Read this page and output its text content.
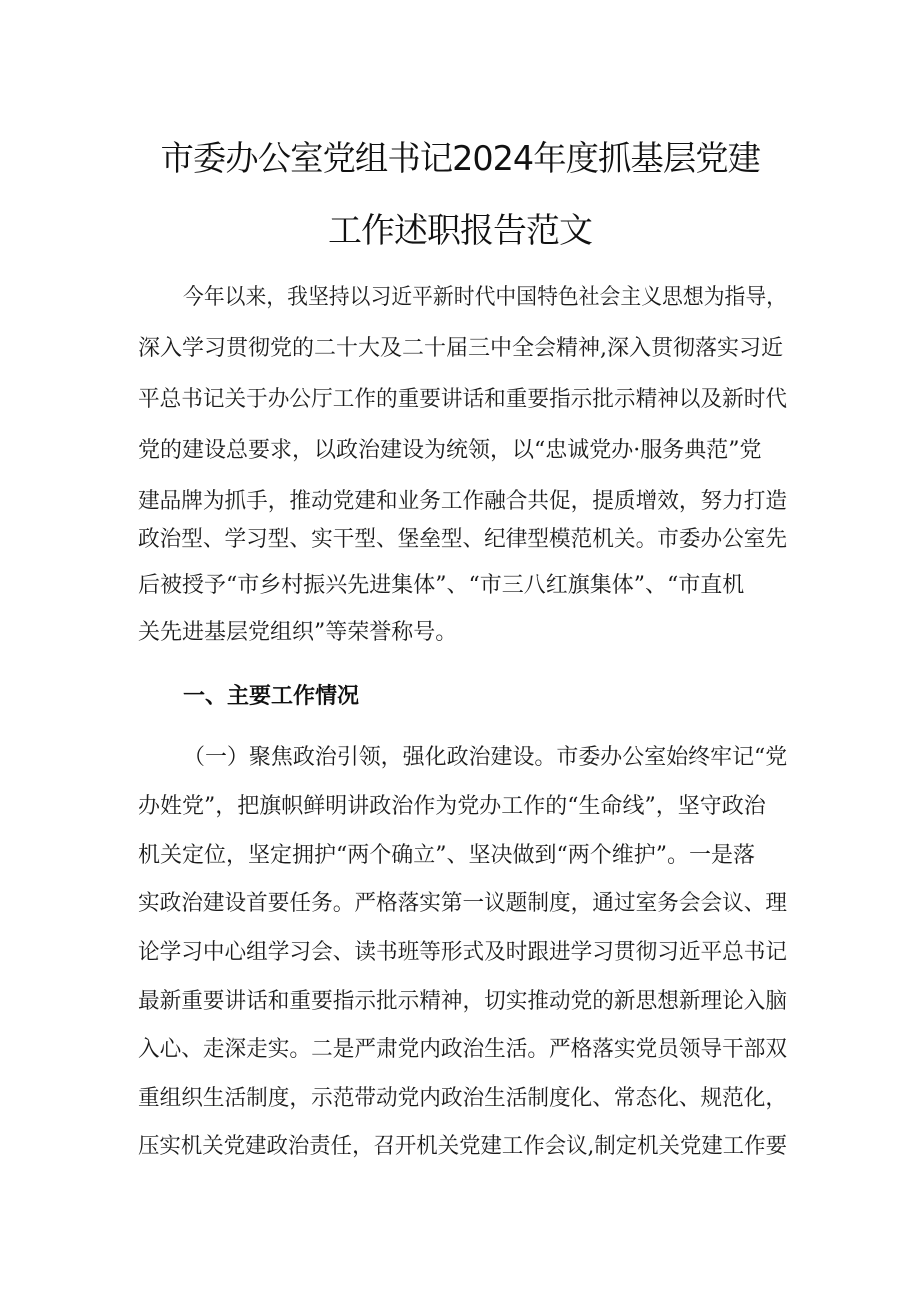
市委办公室党组书记2024年度抓基层党建
工作述职报告范文
今年以来，我坚持以习近平新时代中国特色社会主义思想为指导，
深入学习贯彻党的二十大及二十届三中全会精神,深入贯彻落实习近
平总书记关于办公厅工作的重要讲话和重要指示批示精神以及新时代
党的建设总要求，以政治建设为统领，以“忠诚党办·服务典范”党
建品牌为抓手，推动党建和业务工作融合共促，提质增效，努力打造
政治型、学习型、实干型、堡垒型、纪律型模范机关。市委办公室先
后被授予“市乡村振兴先进集体”、“市三八红旗集体”、“市直机
关先进基层党组织”等荣誉称号。
一、主要工作情况
（一）聚焦政治引领，强化政治建设。市委办公室始终牢记“党
办姓党”，把旗帜鲜明讲政治作为党办工作的“生命线”，坚守政治
机关定位，坚定拥护“两个确立”、坚决做到“两个维护”。一是落
实政治建设首要任务。严格落实第一议题制度，通过室务会会议、理
论学习中心组学习会、读书班等形式及时跟进学习贯彻习近平总书记
最新重要讲话和重要指示批示精神，切实推动党的新思想新理论入脑
入心、走深走实。二是严肃党内政治生活。严格落实党员领导干部双
重组织生活制度，示范带动党内政治生活制度化、常态化、规范化，
压实机关党建政治责任，召开机关党建工作会议,制定机关党建工作要
